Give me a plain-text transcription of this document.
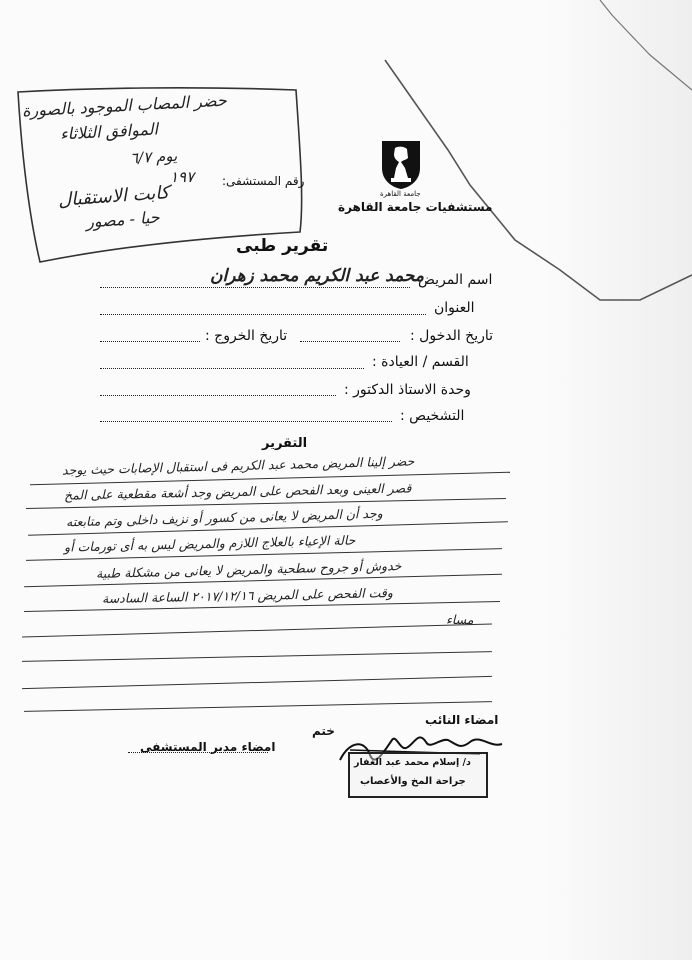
حضر المصاب الموجود بالصورة
الموافق الثلاثاء
يوم ٦/٧
١٩٧
كابت الاستقبال
حيا - مصور
رقم المستشفى:
جامعة القاهرة
مستشفيات جامعة القاهرة
تقرير طبى
اسم المريض
محمد عبد الكريم محمد زهران
العنوان
تاريخ الدخول :
تاريخ الخروج :
القسم / العيادة :
وحدة الاستاذ الدكتور :
التشخيص :
التقرير
حضر إلينا المريض محمد عبد الكريم فى استقبال الإصابات حيث يوجد
قصر العينى وبعد الفحص على المريض وجد أشعة مقطعية على المخ
وجد أن المريض لا يعانى من كسور أو نزيف داخلى وتم متابعته
حالة الإعياء بالعلاج اللازم والمريض ليس به أى تورمات أو
خدوش أو جروح سطحية والمريض لا يعانى من مشكلة طبية
وقت الفحص على المريض ٢٠١٧/١٢/١٦ الساعة السادسة
مساء
امضاء النائب
ختم
امضاء مدير المستشفى
د/ إسلام محمد عبد الغفار
جراحة المخ والأعصاب
